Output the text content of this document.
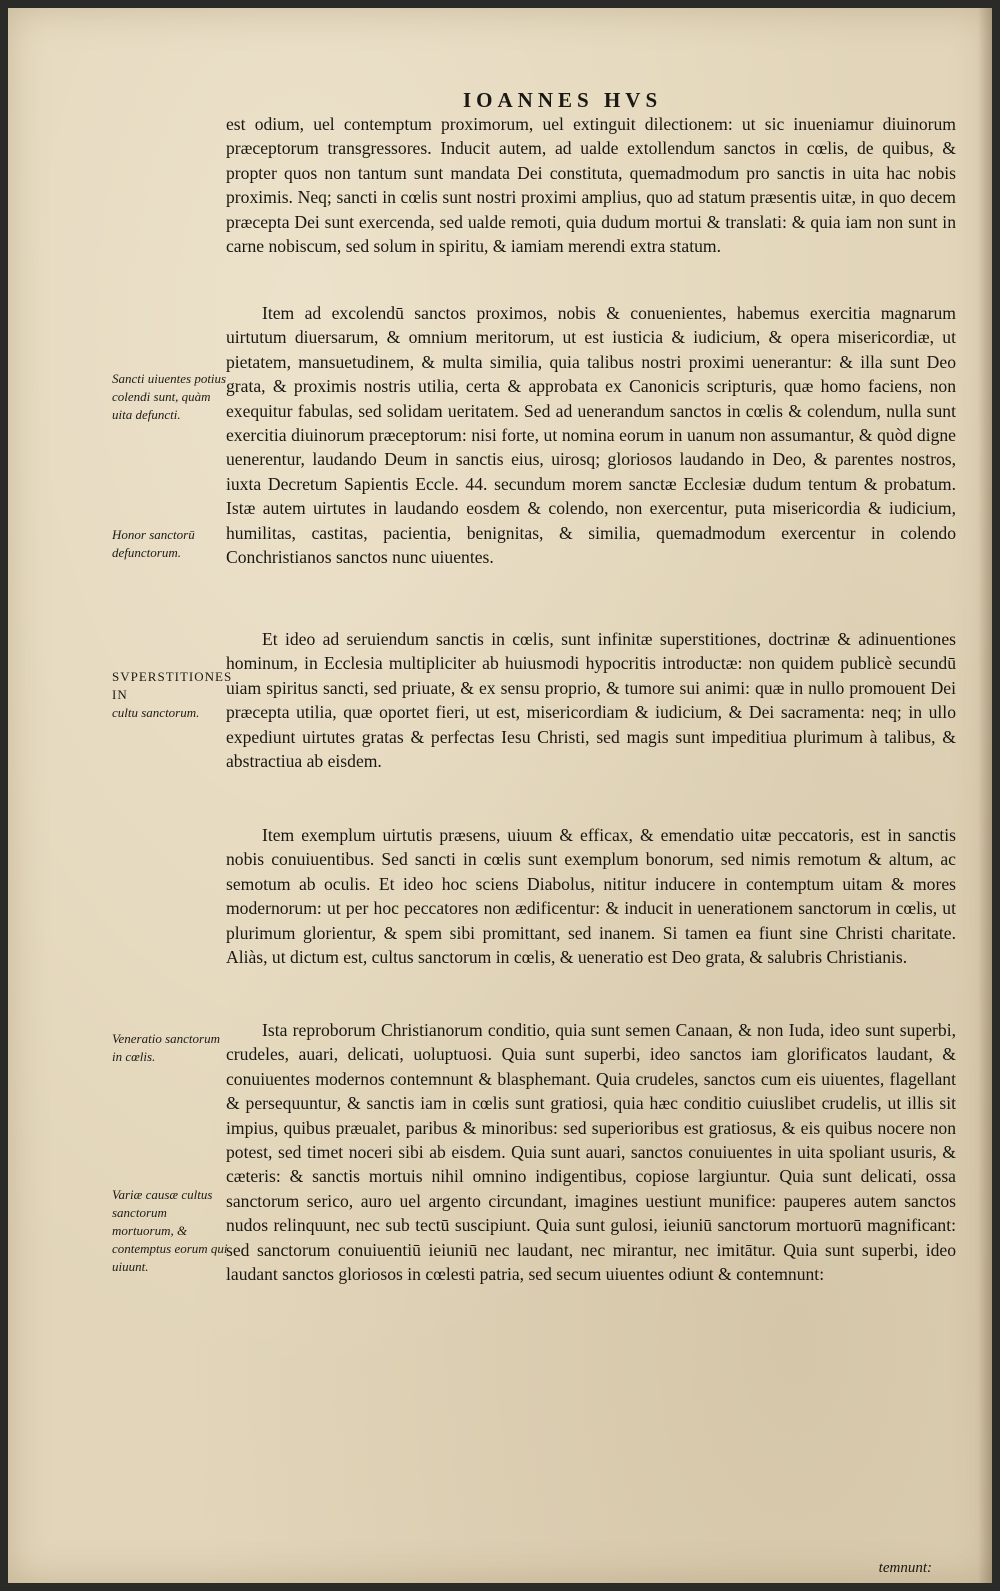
IOANNES HVS

est odium, uel contemptum proximorum, uel extinguit dilectionem: ut sic inueniamur diuinorum præceptorum transgressores. Inducit autem, ad ualde extollendum sanctos in cœlis, de quibus, & propter quos non tantum sunt mandata Dei constituta, quemadmodum pro sanctis in uita hac nobis proximis. Neq; sancti in cœlis sunt nostri proximi amplius, quo ad statum præsentis uitæ, in quo decem præcepta Dei sunt exercenda, sed ualde remoti, quia dudum mortui & translati: & quia iam non sunt in carne nobiscum, sed solum in spiritu, & iamiam merendi extra statum.

Item ad excolendū sanctos proximos, nobis & conuenientes, habemus exercitia magnarum uirtutum diuersarum, & omnium meritorum, ut est iusticia & iudicium, & opera misericordiæ, ut pietatem, mansuetudinem, & multa similia, quia talibus nostri proximi uenerantur: & illa sunt Deo grata, & proximis nostris utilia, certa & approbata ex Canonicis scripturis, quæ homo faciens, non exequitur fabulas, sed solidam ueritatem. Sed ad uenerandum sanctos in cœlis & colendum, nulla sunt exercitia diuinorum præceptorum: nisi forte, ut nomina eorum in uanum non assumantur, & quòd digne uenerentur, laudando Deum in sanctis eius, uirosq; gloriosos laudando in Deo, & parentes nostros, iuxta Decretum Sapientis Eccle. 44. secundum morem sanctæ Ecclesiæ dudum tentum & probatum. Istæ autem uirtutes in laudando eosdem & colendo, non exercentur, puta misericordia & iudicium, humilitas, castitas, pacientia, benignitas, & similia, quemadmodum exercentur in colendo Conchristianos sanctos nunc uiuentes.

Et ideo ad seruiendum sanctis in cœlis, sunt infinitæ superstitiones, doctrinæ & adinuentiones hominum, in Ecclesia multipliciter ab huiusmodi hypocritis introductæ: non quidem publicè secundū uiam spiritus sancti, sed priuate, & ex sensu proprio, & tumore sui animi: quæ in nullo promouent Dei præcepta utilia, quæ oportet fieri, ut est, misericordiam & iudicium, & Dei sacramenta: neq; in ullo expediunt uirtutes gratas & perfectas Iesu Christi, sed magis sunt impeditiua plurimum à talibus, & abstractiua ab eisdem.

Item exemplum uirtutis præsens, uiuum & efficax, & emendatio uitæ peccatoris, est in sanctis nobis conuiuentibus. Sed sancti in cœlis sunt exemplum bonorum, sed nimis remotum & altum, ac semotum ab oculis. Et ideo hoc sciens Diabolus, nititur inducere in contemptum uitam & mores modernorum: ut per hoc peccatores non ædificentur: & inducit in uenerationem sanctorum in cœlis, ut plurimum glorientur, & spem sibi promittant, sed inanem. Si tamen ea fiunt sine Christi charitate. Aliàs, ut dictum est, cultus sanctorum in cœlis, & ueneratio est Deo grata, & salubris Christianis.

Ista reproborum Christianorum conditio, quia sunt semen Canaan, & non Iuda, ideo sunt superbi, crudeles, auari, delicati, uoluptuosi. Quia sunt superbi, ideo sanctos iam glorificatos laudant, & conuiuentes modernos contemnunt & blasphemant. Quia crudeles, sanctos cum eis uiuentes, flagellant & persequuntur, & sanctis iam in cœlis sunt gratiosi, quia hæc conditio cuiuslibet crudelis, ut illis sit impius, quibus præualet, paribus & minoribus: sed superioribus est gratiosus, & eis quibus nocere non potest, sed timet noceri sibi ab eisdem. Quia sunt auari, sanctos conuiuentes in uita spoliant usuris, & cæteris: & sanctis mortuis nihil omnino indigentibus, copiose largiuntur. Quia sunt delicati, ossa sanctorum serico, auro uel argento circundant, imagines uestiunt munifice: pauperes autem sanctos nudos relinquunt, nec sub tectū suscipiunt. Quia sunt gulosi, ieiuniū sanctorum mortuorū magnificant: sed sanctorum conuiuentiū ieiuniū nec laudant, nec mirantur, nec imitātur. Quia sunt superbi, ideo laudant sanctos gloriosos in cœlesti patria, sed secum uiuentes odiunt & contemnunt:

Sancti uiuentes potius colendi sunt, quàm uita defuncti.
Honor sanctorū defunctorum.
SVPERSTITIONES IN
cultu sanctorum.
Veneratio sanctorum in cœlis.
Variæ causæ cultus sanctorum mortuorum, & contemptus eorum qui uiuunt.
temnunt:
